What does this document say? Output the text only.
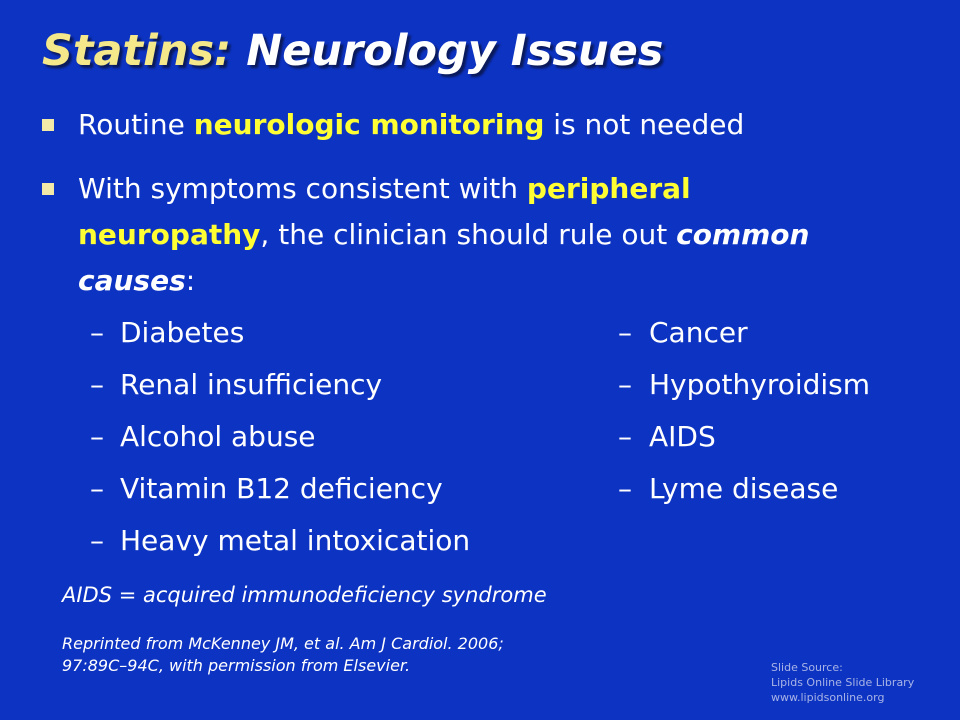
Statins: Neurology Issues
Routine neurologic monitoring is not needed
With symptoms consistent with peripheral
neuropathy, the clinician should rule out common
causes:
– Diabetes
– Renal insufficiency
– Alcohol abuse
– Vitamin B12 deficiency
– Heavy metal intoxication
– Cancer
– Hypothyroidism
– AIDS
– Lyme disease
AIDS = acquired immunodeficiency syndrome
Reprinted from McKenney JM, et al. Am J Cardiol. 2006;
97:89C–94C, with permission from Elsevier.	Slide Source:
Lipids Online Slide Library
www.lipidsonline.org
